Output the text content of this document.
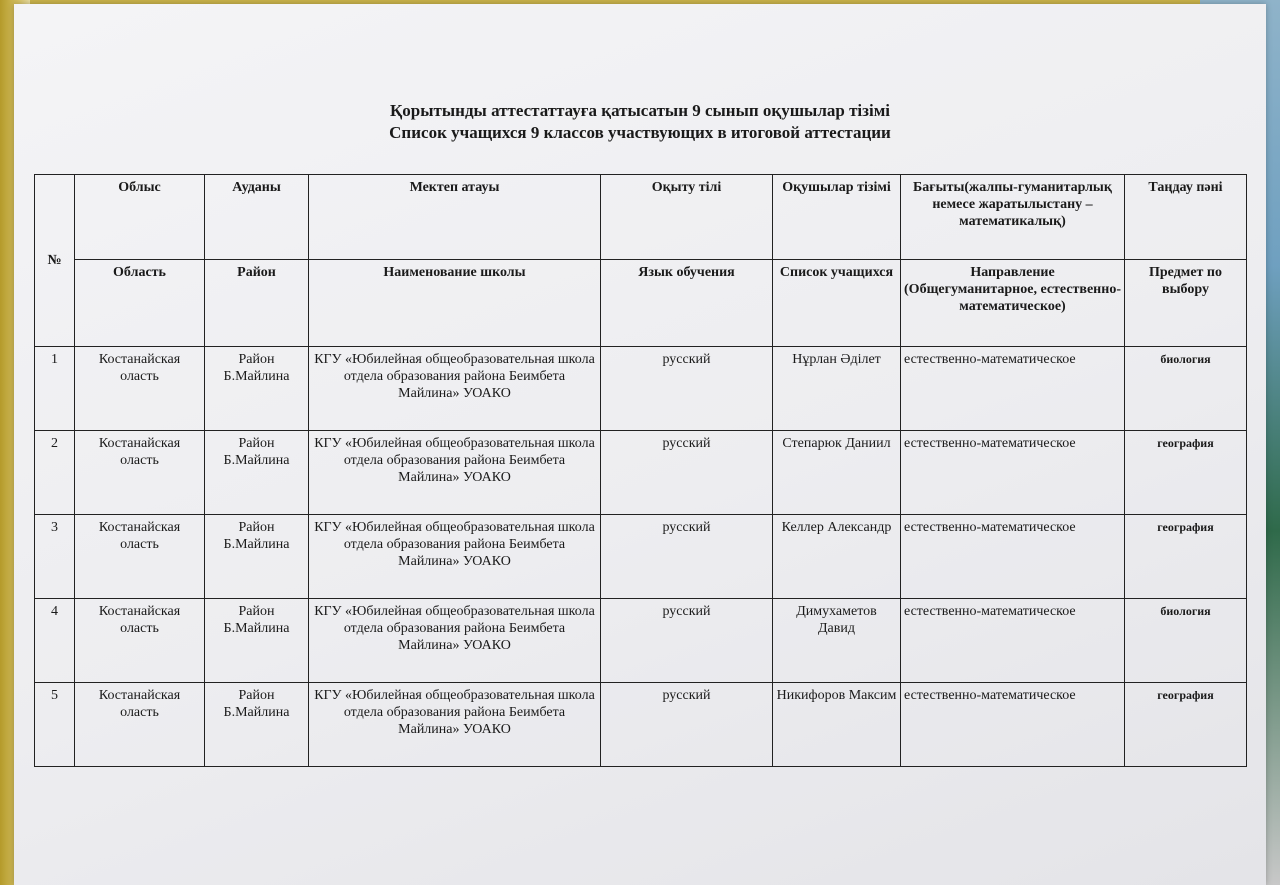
Қорытынды аттестаттауға қатысатын 9 сынып оқушылар тізімі
Список учащихся 9 классов участвующих в итоговой аттестации
№	Облыс	Ауданы	Мектеп атауы	Оқыту тілі	Оқушылар тізімі	Бағыты(жалпы-гуманитарлық немесе жаратылыстану – математикалық)	Таңдау пәні
	Область	Район	Наименование школы	Язык обучения	Список учащихся	Направление (Общегуманитарное, естественно-математическое)	Предмет по выбору
1	Костанайская оласть	Район Б.Майлина	КГУ «Юбилейная общеобразовательная школа отдела образования района Беимбета Майлина» УОАКО	русский	Нұрлан Әділет	естественно-математическое	биология
2	Костанайская оласть	Район Б.Майлина	КГУ «Юбилейная общеобразовательная школа отдела образования района Беимбета Майлина» УОАКО	русский	Степарюк Даниил	естественно-математическое	география
3	Костанайская оласть	Район Б.Майлина	КГУ «Юбилейная общеобразовательная школа отдела образования района Беимбета Майлина» УОАКО	русский	Келлер Александр	естественно-математическое	география
4	Костанайская оласть	Район Б.Майлина	КГУ «Юбилейная общеобразовательная школа отдела образования района Беимбета Майлина» УОАКО	русский	Димухаметов Давид	естественно-математическое	биология
5	Костанайская оласть	Район Б.Майлина	КГУ «Юбилейная общеобразовательная школа отдела образования района Беимбета Майлина» УОАКО	русский	Никифоров Максим	естественно-математическое	география
